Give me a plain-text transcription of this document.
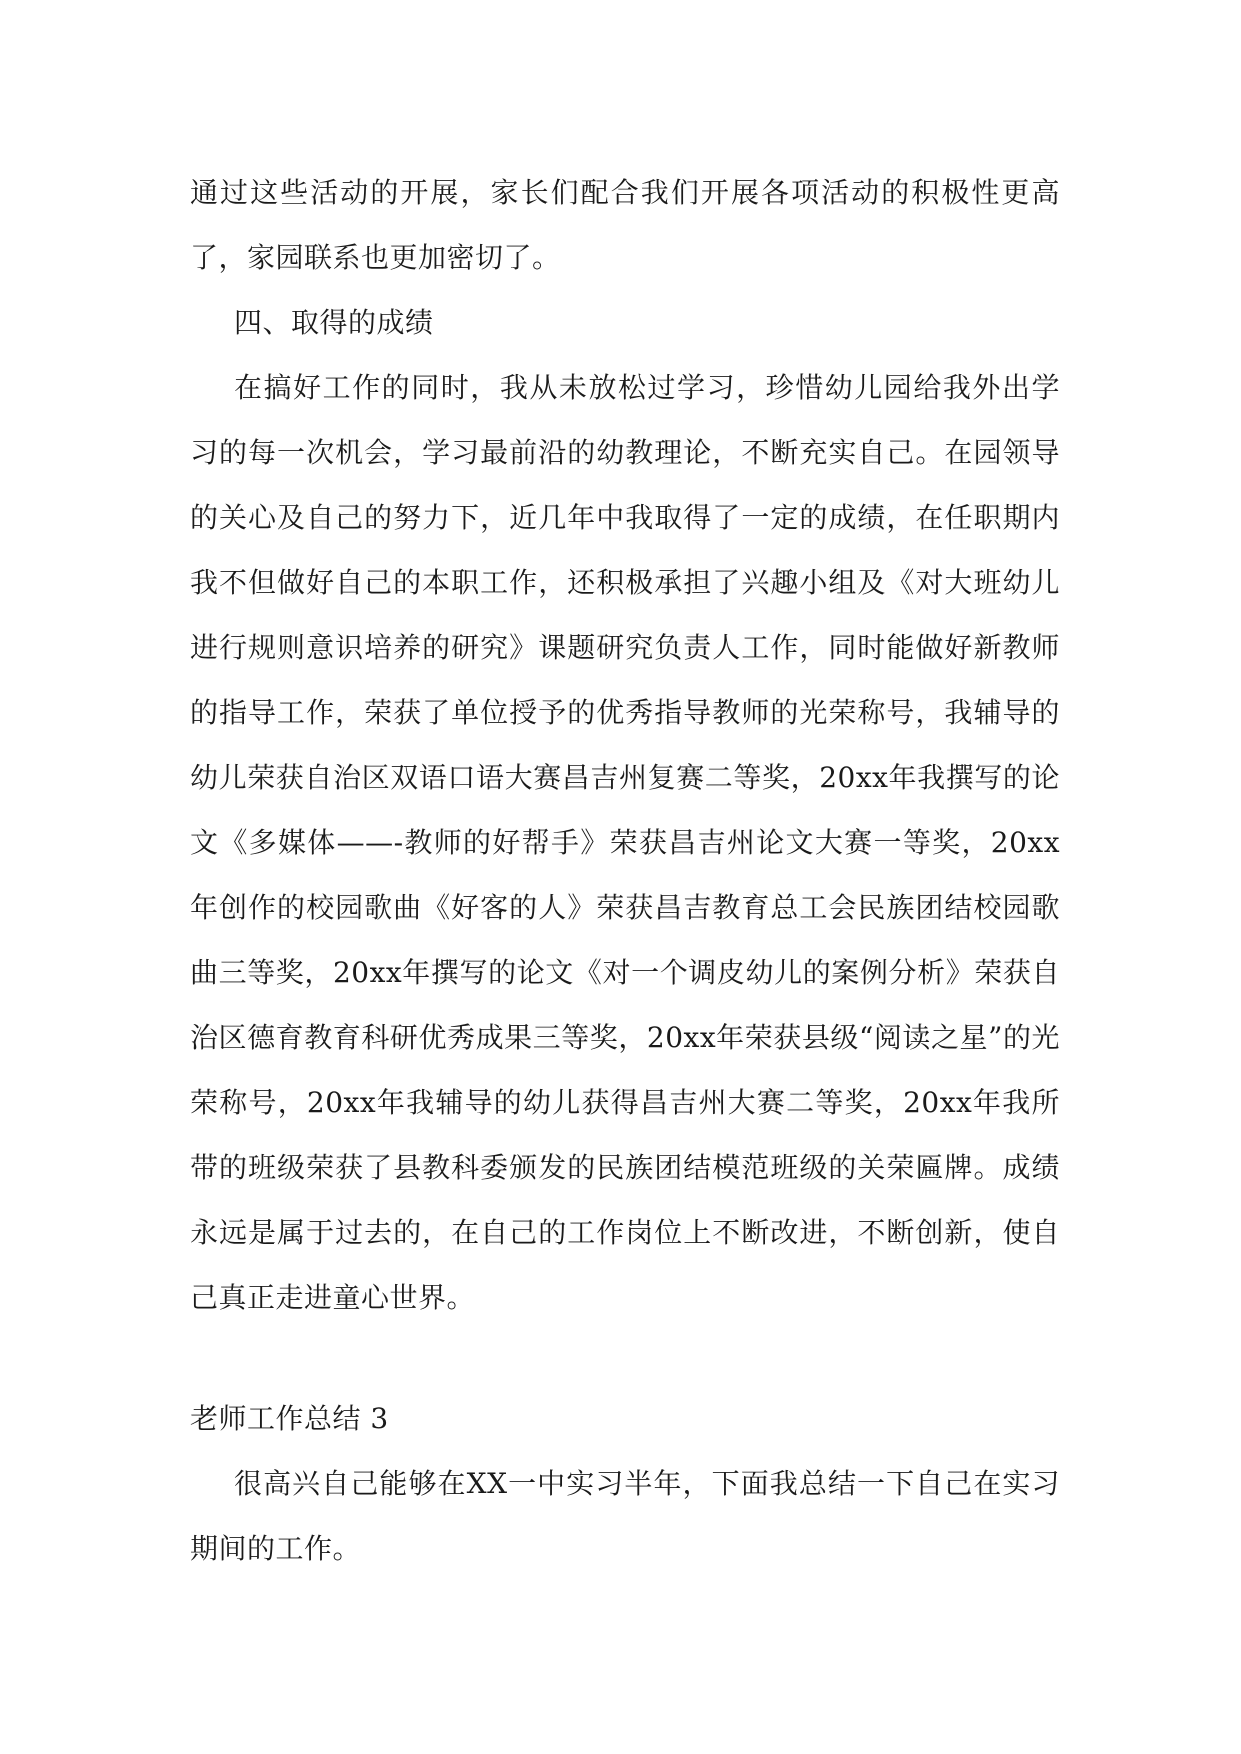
通过这些活动的开展，家长们配合我们开展各项活动的积极性更高了，家园联系也更加密切了。

四、取得的成绩

在搞好工作的同时，我从未放松过学习，珍惜幼儿园给我外出学习的每一次机会，学习最前沿的幼教理论，不断充实自己。在园领导的关心及自己的努力下，近几年中我取得了一定的成绩，在任职期内我不但做好自己的本职工作，还积极承担了兴趣小组及《对大班幼儿进行规则意识培养的研究》课题研究负责人工作，同时能做好新教师的指导工作，荣获了单位授予的优秀指导教师的光荣称号，我辅导的幼儿荣获自治区双语口语大赛昌吉州复赛二等奖，20xx年我撰写的论文《多媒体——-教师的好帮手》荣获昌吉州论文大赛一等奖，20xx年创作的校园歌曲《好客的人》荣获昌吉教育总工会民族团结校园歌曲三等奖，20xx年撰写的论文《对一个调皮幼儿的案例分析》荣获自治区德育教育科研优秀成果三等奖，20xx年荣获县级“阅读之星”的光荣称号，20xx年我辅导的幼儿获得昌吉州大赛二等奖，20xx年我所带的班级荣获了县教科委颁发的民族团结模范班级的关荣匾牌。成绩永远是属于过去的，在自己的工作岗位上不断改进，不断创新，使自己真正走进童心世界。

老师工作总结 3

很高兴自己能够在XX一中实习半年，下面我总结一下自己在实习期间的工作。
